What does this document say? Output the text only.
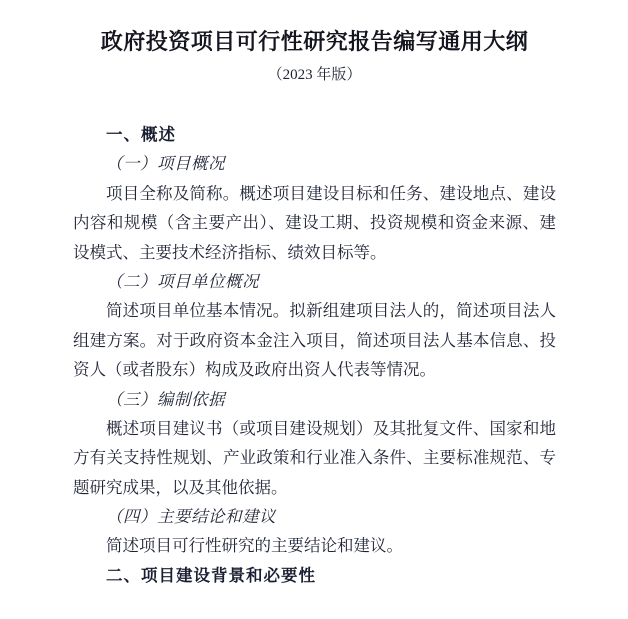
政府投资项目可行性研究报告编写通用大纲
（2023 年版）
一、概述
（一）项目概况
项目全称及简称。概述项目建设目标和任务、建设地点、建设
内容和规模（含主要产出）、建设工期、投资规模和资金来源、建
设模式、主要技术经济指标、绩效目标等。
（二）项目单位概况
简述项目单位基本情况。拟新组建项目法人的，简述项目法人
组建方案。对于政府资本金注入项目，简述项目法人基本信息、投
资人（或者股东）构成及政府出资人代表等情况。
（三）编制依据
概述项目建议书（或项目建设规划）及其批复文件、国家和地
方有关支持性规划、产业政策和行业准入条件、主要标准规范、专
题研究成果，以及其他依据。
（四）主要结论和建议
简述项目可行性研究的主要结论和建议。
二、项目建设背景和必要性
